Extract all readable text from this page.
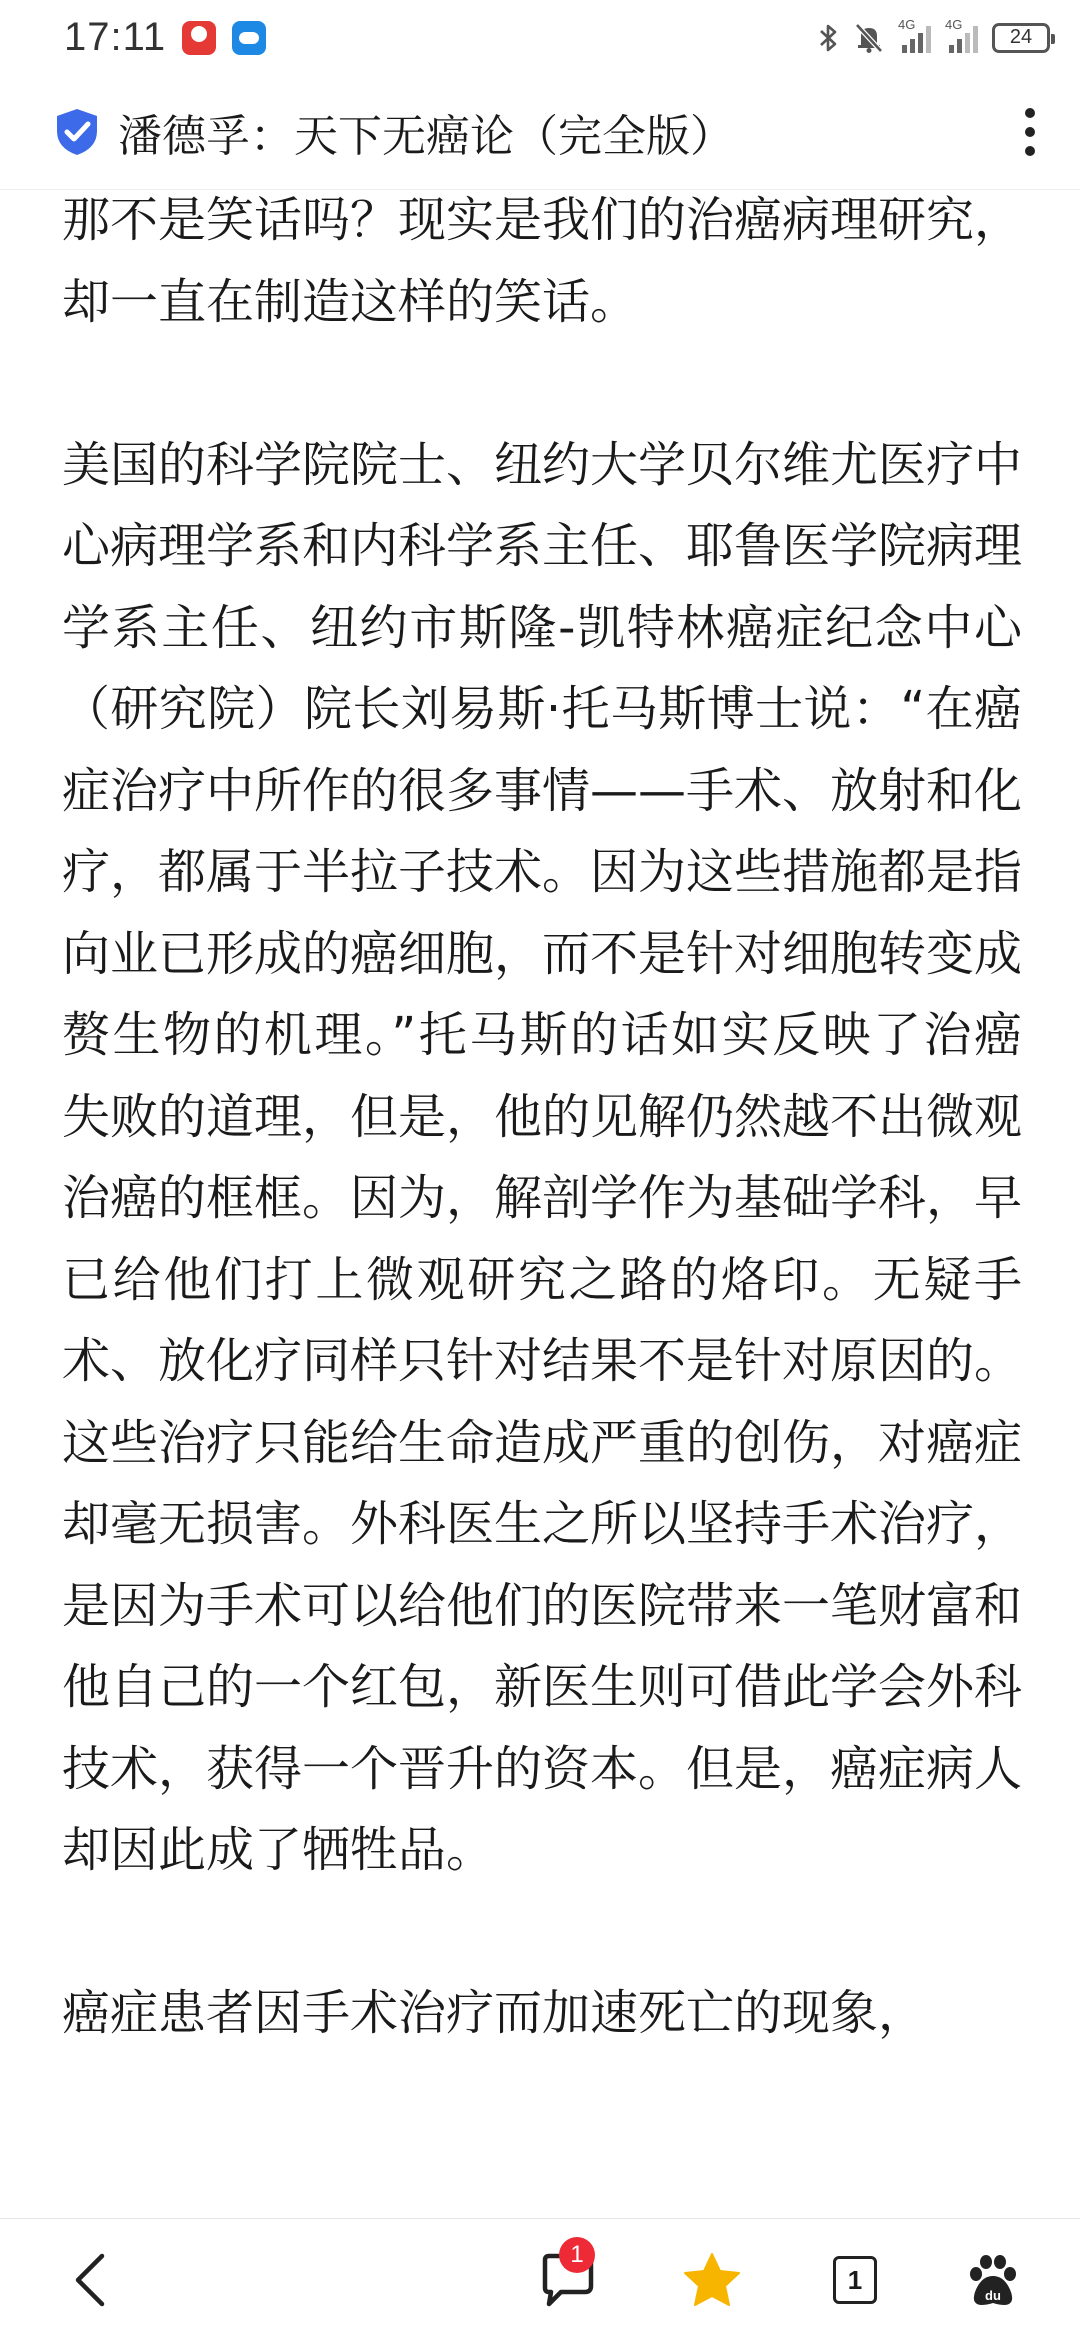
17:11	4G 4G
24
潘德孚：天下无癌论（完全版）

那不是笑话吗？现实是我们的治癌病理研究，却一直在制造这样的笑话。

美国的科学院院士、纽约大学贝尔维尤医疗中心病理学系和内科学系主任、耶鲁医学院病理学系主任、纽约市斯隆-凯特林癌症纪念中心（研究院）院长刘易斯·托马斯博士说：“在癌症治疗中所作的很多事情——手术、放射和化疗，都属于半拉子技术。因为这些措施都是指向业已形成的癌细胞，而不是针对细胞转变成赘生物的机理。”托马斯的话如实反映了治癌失败的道理，但是，他的见解仍然越不出微观治癌的框框。因为，解剖学作为基础学科，早已给他们打上微观研究之路的烙印。无疑手术、放化疗同样只针对结果不是针对原因的。这些治疗只能给生命造成严重的创伤，对癌症却毫无损害。外科医生之所以坚持手术治疗，是因为手术可以给他们的医院带来一笔财富和他自己的一个红包，新医生则可借此学会外科技术，获得一个晋升的资本。但是，癌症病人却因此成了牺牲品。

癌症患者因手术治疗而加速死亡的现象，

1
1
du
